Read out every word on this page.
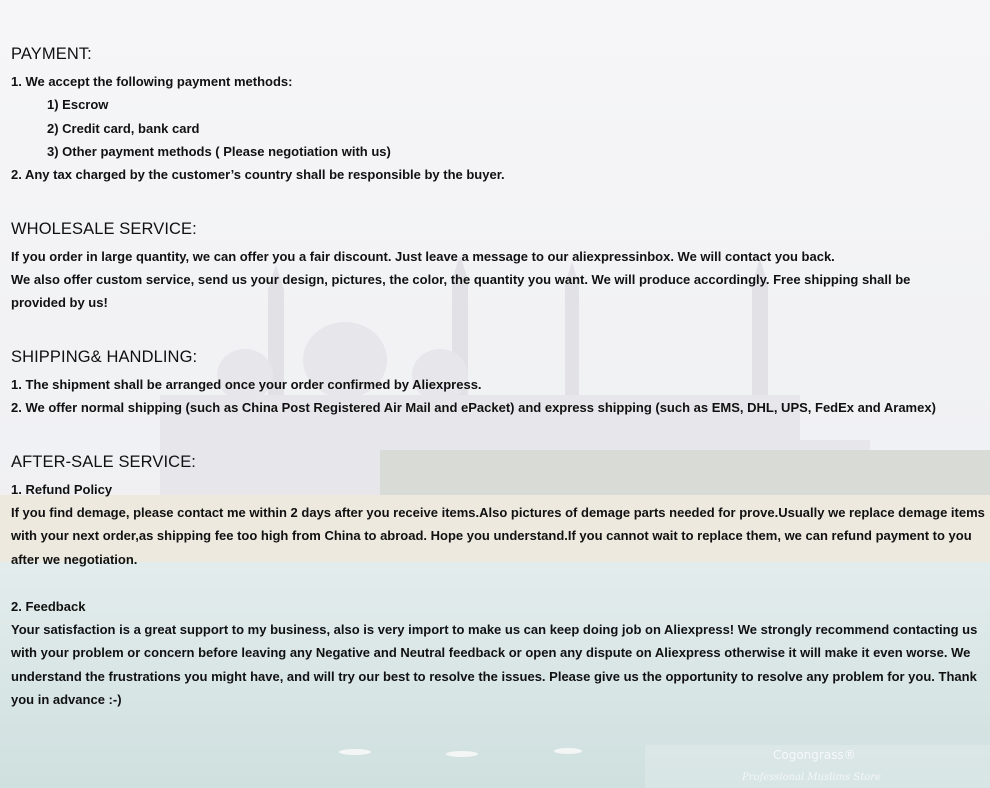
PAYMENT:

1. We accept the following payment methods:

1) Escrow

2) Credit card, bank card

3) Other payment methods ( Please negotiation with us)

2. Any tax charged by the customer’s country shall be responsible by the buyer.

WHOLESALE SERVICE:

If you order in large quantity, we can offer you a fair discount. Just leave a message to our aliexpressinbox. We will contact you back.

We also offer custom service, send us your design, pictures, the color, the quantity you want. We will produce accordingly. Free shipping shall be provided by us!

SHIPPING& HANDLING:

1. The shipment shall be arranged once your order confirmed by Aliexpress.

2. We offer normal shipping (such as China Post Registered Air Mail and ePacket) and express shipping (such as EMS, DHL, UPS, FedEx and Aramex)

AFTER-SALE SERVICE:

1. Refund Policy

If you find demage, please contact me within 2 days after you receive items.Also pictures of demage parts needed for prove.Usually we replace demage items with your next order,as shipping fee too high from China to abroad. Hope you understand.If you cannot wait to replace them, we can refund payment to you after we negotiation.

2. Feedback

Your satisfaction is a great support to my business, also is very import to make us can keep doing job on Aliexpress! We strongly recommend contacting us with your problem or concern before leaving any Negative and Neutral feedback or open any dispute on Aliexpress otherwise it will make it even worse. We understand the frustrations you might have, and will try our best to resolve the issues. Please give us the opportunity to resolve any problem for you. Thank you in advance :-)

Cogongrass®
Professional Muslims Store
